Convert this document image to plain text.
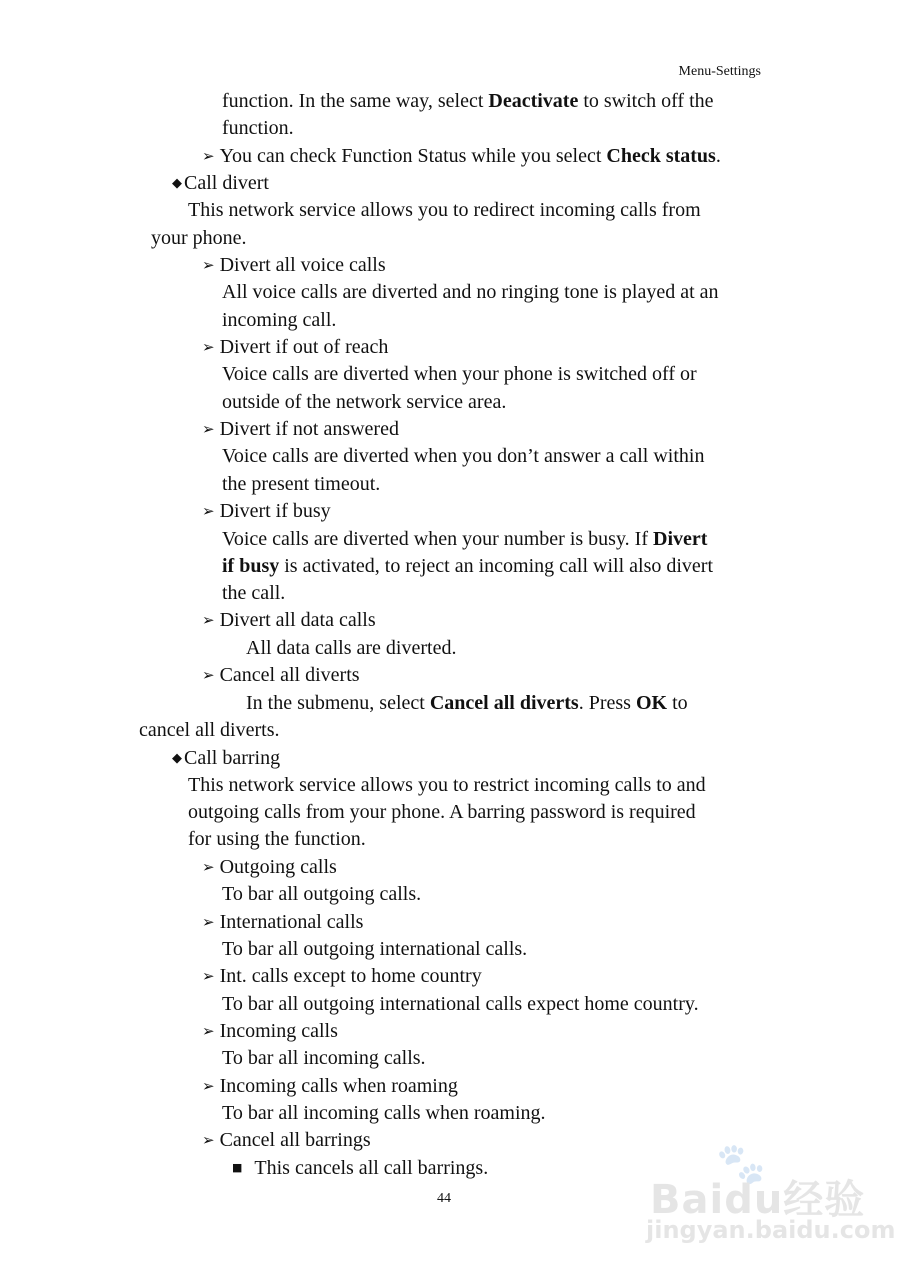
Menu-Settings
function. In the same way, select Deactivate to switch off the
function.
➢ You can check Function Status while you select Check status.
◆ Call divert
This network service allows you to redirect incoming calls from
your phone.
➢ Divert all voice calls
All voice calls are diverted and no ringing tone is played at an
incoming call.
➢ Divert if out of reach
Voice calls are diverted when your phone is switched off or
outside of the network service area.
➢ Divert if not answered
Voice calls are diverted when you don’t answer a call within
the present timeout.
➢ Divert if busy
Voice calls are diverted when your number is busy. If Divert
if busy is activated, to reject an incoming call will also divert
the call.
➢ Divert all data calls
All data calls are diverted.
➢ Cancel all diverts
In the submenu, select Cancel all diverts. Press OK to
cancel all diverts.
◆ Call barring
This network service allows you to restrict incoming calls to and
outgoing calls from your phone. A barring password is required
for using the function.
➢ Outgoing calls
To bar all outgoing calls.
➢ International calls
To bar all outgoing international calls.
➢ Int. calls except to home country
To bar all outgoing international calls expect home country.
➢ Incoming calls
To bar all incoming calls.
➢ Incoming calls when roaming
To bar all incoming calls when roaming.
➢ Cancel all barrings
■ This cancels all call barrings.
44
🐾
Baidu经验
jingyan.baidu.com
